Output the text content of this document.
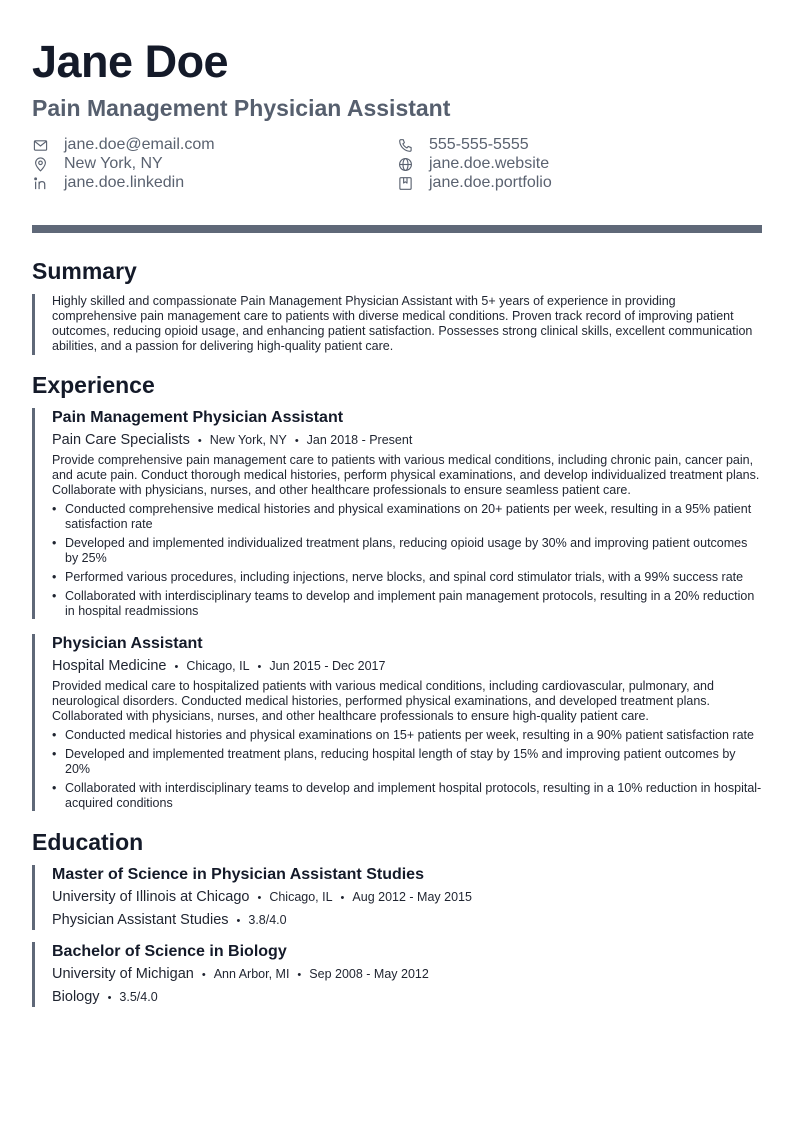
Jane Doe
Pain Management Physician Assistant
jane.doe@email.com	555-555-5555
New York, NY	jane.doe.website
jane.doe.linkedin	jane.doe.portfolio
Summary
Highly skilled and compassionate Pain Management Physician Assistant with 5+ years of experience in providing comprehensive pain management care to patients with diverse medical conditions. Proven track record of improving patient outcomes, reducing opioid usage, and enhancing patient satisfaction. Possesses strong clinical skills, excellent communication abilities, and a passion for delivering high-quality patient care.
Experience
Pain Management Physician Assistant
Pain Care Specialists • New York, NY • Jan 2018 - Present
Provide comprehensive pain management care to patients with various medical conditions, including chronic pain, cancer pain, and acute pain. Conduct thorough medical histories, perform physical examinations, and develop individualized treatment plans. Collaborate with physicians, nurses, and other healthcare professionals to ensure seamless patient care.
• Conducted comprehensive medical histories and physical examinations on 20+ patients per week, resulting in a 95% patient satisfaction rate
• Developed and implemented individualized treatment plans, reducing opioid usage by 30% and improving patient outcomes by 25%
• Performed various procedures, including injections, nerve blocks, and spinal cord stimulator trials, with a 99% success rate
• Collaborated with interdisciplinary teams to develop and implement pain management protocols, resulting in a 20% reduction in hospital readmissions
Physician Assistant
Hospital Medicine • Chicago, IL • Jun 2015 - Dec 2017
Provided medical care to hospitalized patients with various medical conditions, including cardiovascular, pulmonary, and neurological disorders. Conducted medical histories, performed physical examinations, and developed treatment plans. Collaborated with physicians, nurses, and other healthcare professionals to ensure high-quality patient care.
• Conducted medical histories and physical examinations on 15+ patients per week, resulting in a 90% patient satisfaction rate
• Developed and implemented treatment plans, reducing hospital length of stay by 15% and improving patient outcomes by 20%
• Collaborated with interdisciplinary teams to develop and implement hospital protocols, resulting in a 10% reduction in hospital-acquired conditions
Education
Master of Science in Physician Assistant Studies
University of Illinois at Chicago • Chicago, IL • Aug 2012 - May 2015
Physician Assistant Studies • 3.8/4.0
Bachelor of Science in Biology
University of Michigan • Ann Arbor, MI • Sep 2008 - May 2012
Biology • 3.5/4.0
